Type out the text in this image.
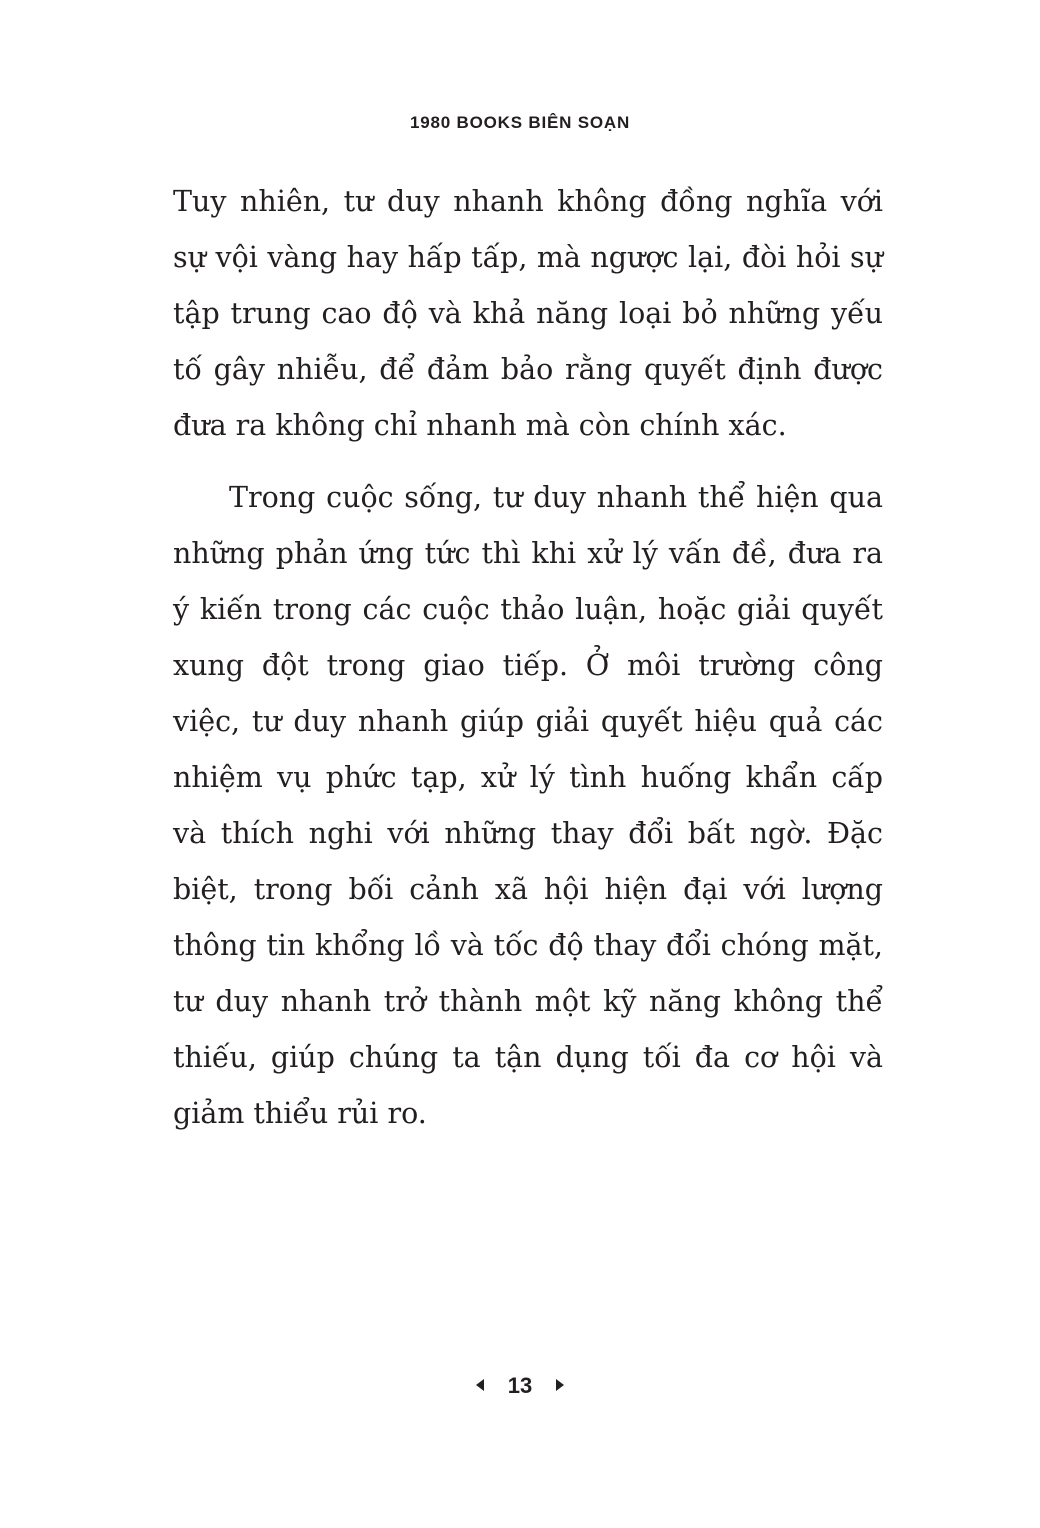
1980 BOOKS BIÊN SOẠN
Tuy nhiên, tư duy nhanh không đồng nghĩa với
sự vội vàng hay hấp tấp, mà ngược lại, đòi hỏi sự
tập trung cao độ và khả năng loại bỏ những yếu
tố gây nhiễu, để đảm bảo rằng quyết định được
đưa ra không chỉ nhanh mà còn chính xác.
Trong cuộc sống, tư duy nhanh thể hiện qua
những phản ứng tức thì khi xử lý vấn đề, đưa ra
ý kiến trong các cuộc thảo luận, hoặc giải quyết
xung đột trong giao tiếp. Ở môi trường công
việc, tư duy nhanh giúp giải quyết hiệu quả các
nhiệm vụ phức tạp, xử lý tình huống khẩn cấp
và thích nghi với những thay đổi bất ngờ. Đặc
biệt, trong bối cảnh xã hội hiện đại với lượng
thông tin khổng lồ và tốc độ thay đổi chóng mặt,
tư duy nhanh trở thành một kỹ năng không thể
thiếu, giúp chúng ta tận dụng tối đa cơ hội và
giảm thiểu rủi ro.
13
